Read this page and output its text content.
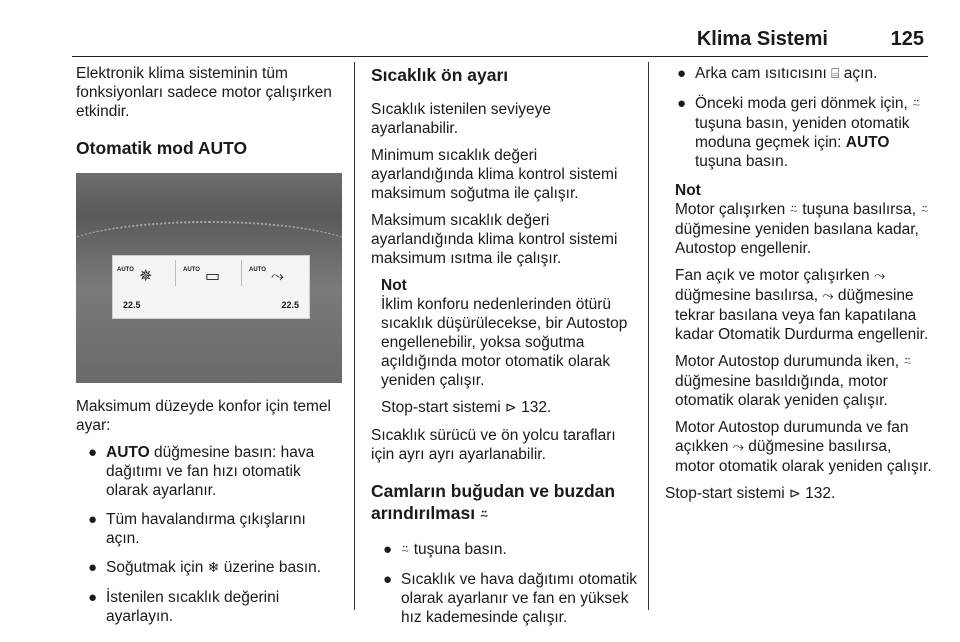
Klima Sistemi	125

Elektronik klima sisteminin tüm fonksiyonları sadece motor çalışırken etkindir.

Otomatik mod AUTO
AUTO ✵	AUTO ▭	AUTO ⤳
22.5	22.5

Maksimum düzeyde konfor için temel ayar:

● AUTO düğmesine basın: hava dağıtımı ve fan hızı otomatik olarak ayarlanır.
● Tüm havalandırma çıkışlarını açın.
● Soğutmak için ❄ üzerine basın.
● İstenilen sıcaklık değerini ayarlayın.
Sıcaklık ön ayarı

Sıcaklık istenilen seviyeye ayarlanabilir.

Minimum sıcaklık değeri ayarlandığında klima kontrol sistemi maksimum soğutma ile çalışır.

Maksimum sıcaklık değeri ayarlandığında klima kontrol sistemi maksimum ısıtma ile çalışır.

Not

İklim konforu nedenlerinden ötürü sıcaklık düşürülecekse, bir Autostop engellenebilir, yoksa soğutma açıldığında motor otomatik olarak yeniden çalışır.

Stop-start sistemi ⊳ 132.

Sıcaklık sürücü ve ön yolcu tarafları için ayrı ayrı ayarlanabilir.

Camların buğudan ve buzdan arındırılması ⍨
● ⍨ tuşuna basın.
● Sıcaklık ve hava dağıtımı otomatik olarak ayarlanır ve fan en yüksek hız kademesinde çalışır.
● Arka cam ısıtıcısını ⌸ açın.
● Önceki moda geri dönmek için, ⍨ tuşuna basın, yeniden otomatik moduna geçmek için: AUTO tuşuna basın.

Not

Motor çalışırken ⍨ tuşuna basılırsa, ⍨ düğmesine yeniden basılana kadar, Autostop engellenir.

Fan açık ve motor çalışırken ⤳ düğmesine basılırsa, ⤳ düğmesine tekrar basılana veya fan kapatılana kadar Otomatik Durdurma engellenir.

Motor Autostop durumunda iken, ⍨ düğmesine basıldığında, motor otomatik olarak yeniden çalışır.

Motor Autostop durumunda ve fan açıkken ⤳ düğmesine basılırsa, motor otomatik olarak yeniden çalışır.

Stop-start sistemi ⊳ 132.
